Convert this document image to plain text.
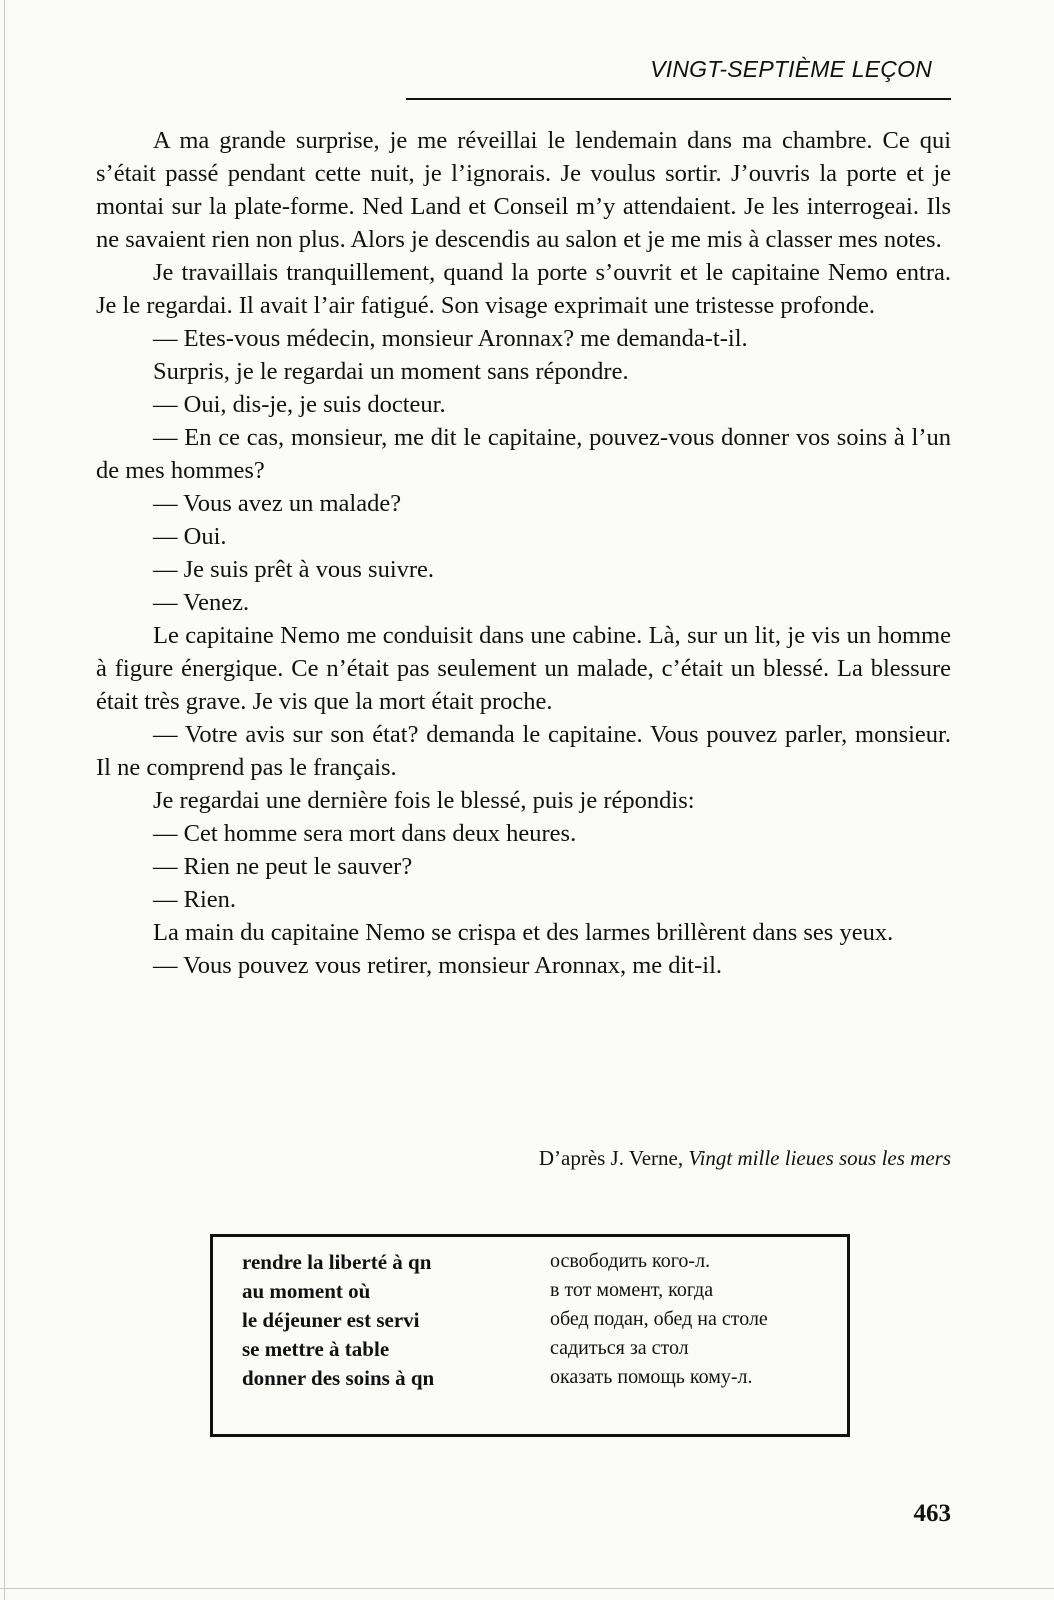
VINGT-SEPTIÈME LEÇON

A ma grande surprise, je me réveillai le lendemain dans ma chambre. Ce qui s’était passé pendant cette nuit, je l’ignorais. Je voulus sortir. J’ouvris la porte et je montai sur la plate-forme. Ned Land et Conseil m’y attendaient. Je les interrogeai. Ils ne savaient rien non plus. Alors je descendis au salon et je me mis à classer mes notes.

Je travaillais tranquillement, quand la porte s’ouvrit et le capitaine Nemo entra. Je le regardai. Il avait l’air fatigué. Son visage exprimait une tristesse profonde.

— Etes-vous médecin, monsieur Aronnax? me demanda-t-il.

Surpris, je le regardai un moment sans répondre.

— Oui, dis-je, je suis docteur.

— En ce cas, monsieur, me dit le capitaine, pouvez-vous donner vos soins à l’un de mes hommes?

— Vous avez un malade?

— Oui.

— Je suis prêt à vous suivre.

— Venez.

Le capitaine Nemo me conduisit dans une cabine. Là, sur un lit, je vis un homme à figure énergique. Ce n’était pas seulement un malade, c’était un blessé. La blessure était très grave. Je vis que la mort était proche.

— Votre avis sur son état? demanda le capitaine. Vous pouvez parler, monsieur. Il ne comprend pas le français.

Je regardai une dernière fois le blessé, puis je répondis:

— Cet homme sera mort dans deux heures.

— Rien ne peut le sauver?

— Rien.

La main du capitaine Nemo se crispa et des larmes brillèrent dans ses yeux.

— Vous pouvez vous retirer, monsieur Aronnax, me dit-il.

D’après J. Verne, Vingt mille lieues sous les mers
rendre la liberté à qn	освободить кого-л.
au moment où	в тот момент, когда
le déjeuner est servi	обед подан, обед на столе
se mettre à table	садиться за стол
donner des soins à qn	оказать помощь кому-л.
463
